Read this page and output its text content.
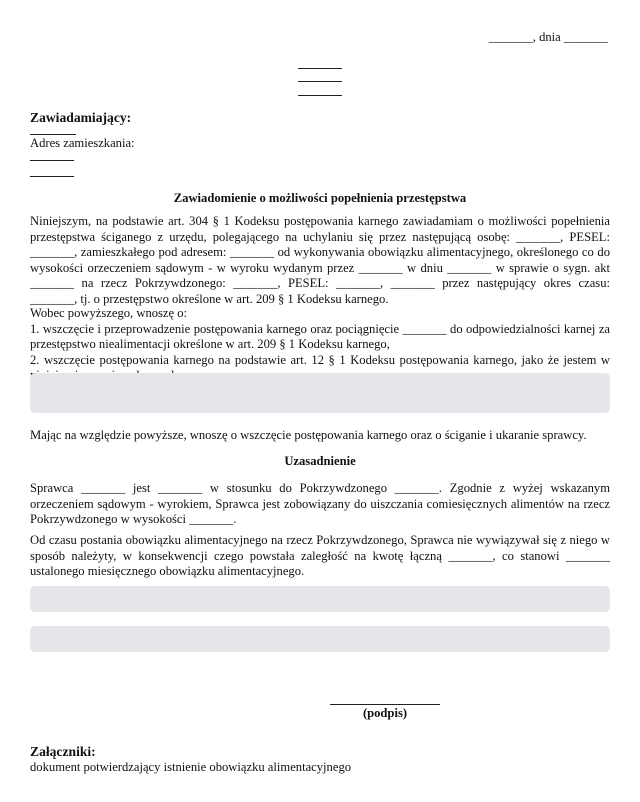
_______, dnia _______
Zawiadamiający:
Adres zamieszkania:
Zawiadomienie o możliwości popełnienia przestępstwa
Niniejszym, na podstawie art. 304 § 1 Kodeksu postępowania karnego zawiadamiam o możliwości popełnienia przestępstwa ściganego z urzędu, polegającego na uchylaniu się przez następującą osobę: _______, PESEL: _______, zamieszkałego pod adresem: _______ od wykonywania obowiązku alimentacyjnego, określonego co do wysokości orzeczeniem sądowym - w wyroku wydanym przez _______ w dniu _______ w sprawie o sygn. akt _______ na rzecz Pokrzywdzonego: _______, PESEL: _______, _______ przez następujący okres czasu: _______, tj. o przestępstwo określone w art. 209 § 1 Kodeksu karnego.
Wobec powyższego, wnoszę o:
1. wszczęcie i przeprowadzenie postępowania karnego oraz pociągnięcie _______ do odpowiedzialności karnej za przestępstwo niealimentacji określone w art. 209 § 1 Kodeksu karnego,
2. wszczęcie postępowania karnego na podstawie art. 12 § 1 Kodeksu postępowania karnego, jako że jestem w
Mając na względzie powyższe, wnoszę o wszczęcie postępowania karnego oraz o ściganie i ukaranie sprawcy.
Uzasadnienie
Sprawca _______ jest _______ w stosunku do Pokrzywdzonego _______. Zgodnie z wyżej wskazanym orzeczeniem sądowym - wyrokiem, Sprawca jest zobowiązany do uiszczania comiesięcznych alimentów na rzecz Pokrzywdzonego w wysokości _______.
Od czasu postania obowiązku alimentacyjnego na rzecz Pokrzywdzonego, Sprawca nie wywiązywał się z niego w sposób należyty, w konsekwencji czego powstała zaległość na kwotę łączną _______, co stanowi _______ ustalonego miesięcznego obowiązku alimentacyjnego.
(podpis)
Załączniki:
dokument potwierdzający istnienie obowiązku alimentacyjnego
